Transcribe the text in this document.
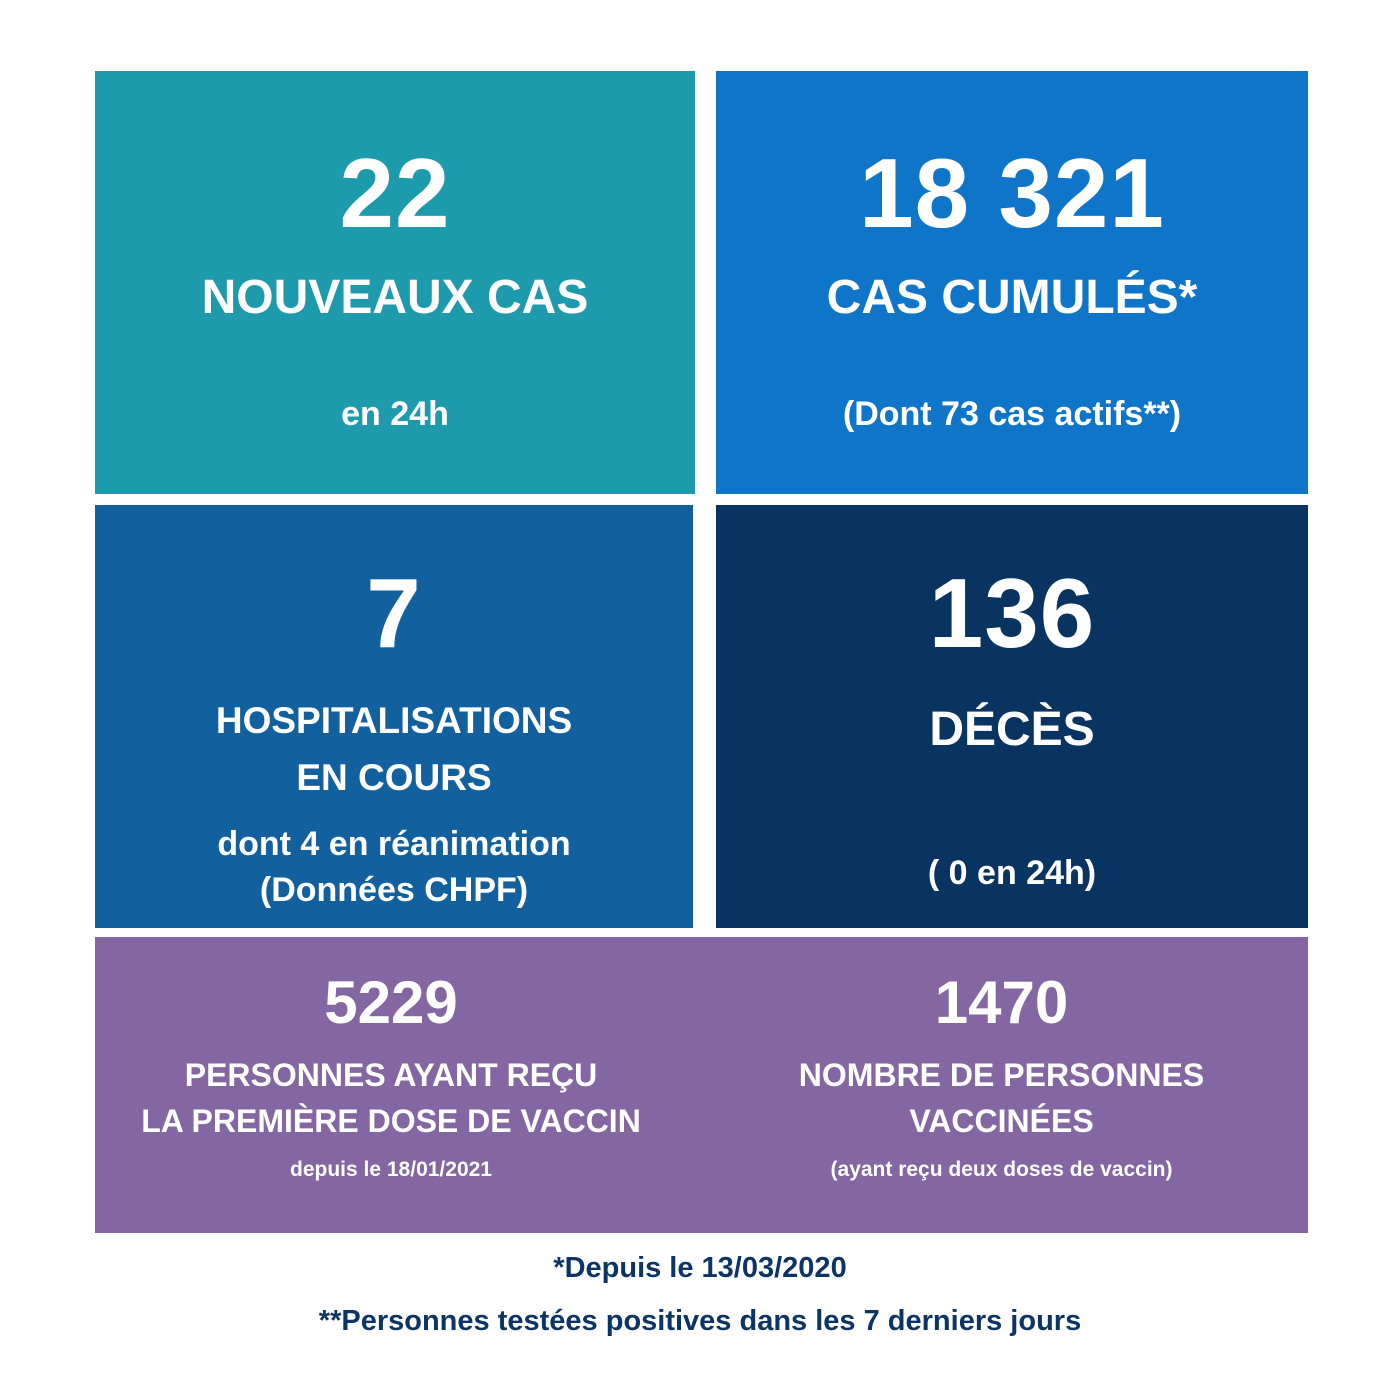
22
NOUVEAUX CAS
en 24h
18 321
CAS CUMULÉS*
(Dont 73 cas actifs**)
7
HOSPITALISATIONS
EN COURS
dont 4 en réanimation
(Données CHPF)
136
DÉCÈS
( 0 en 24h)
5229
PERSONNES AYANT REÇU
LA PREMIÈRE DOSE DE VACCIN
depuis le 18/01/2021
1470
NOMBRE DE PERSONNES
VACCINÉES
(ayant reçu deux doses de vaccin)
*Depuis le 13/03/2020
**Personnes testées positives dans les 7 derniers jours
